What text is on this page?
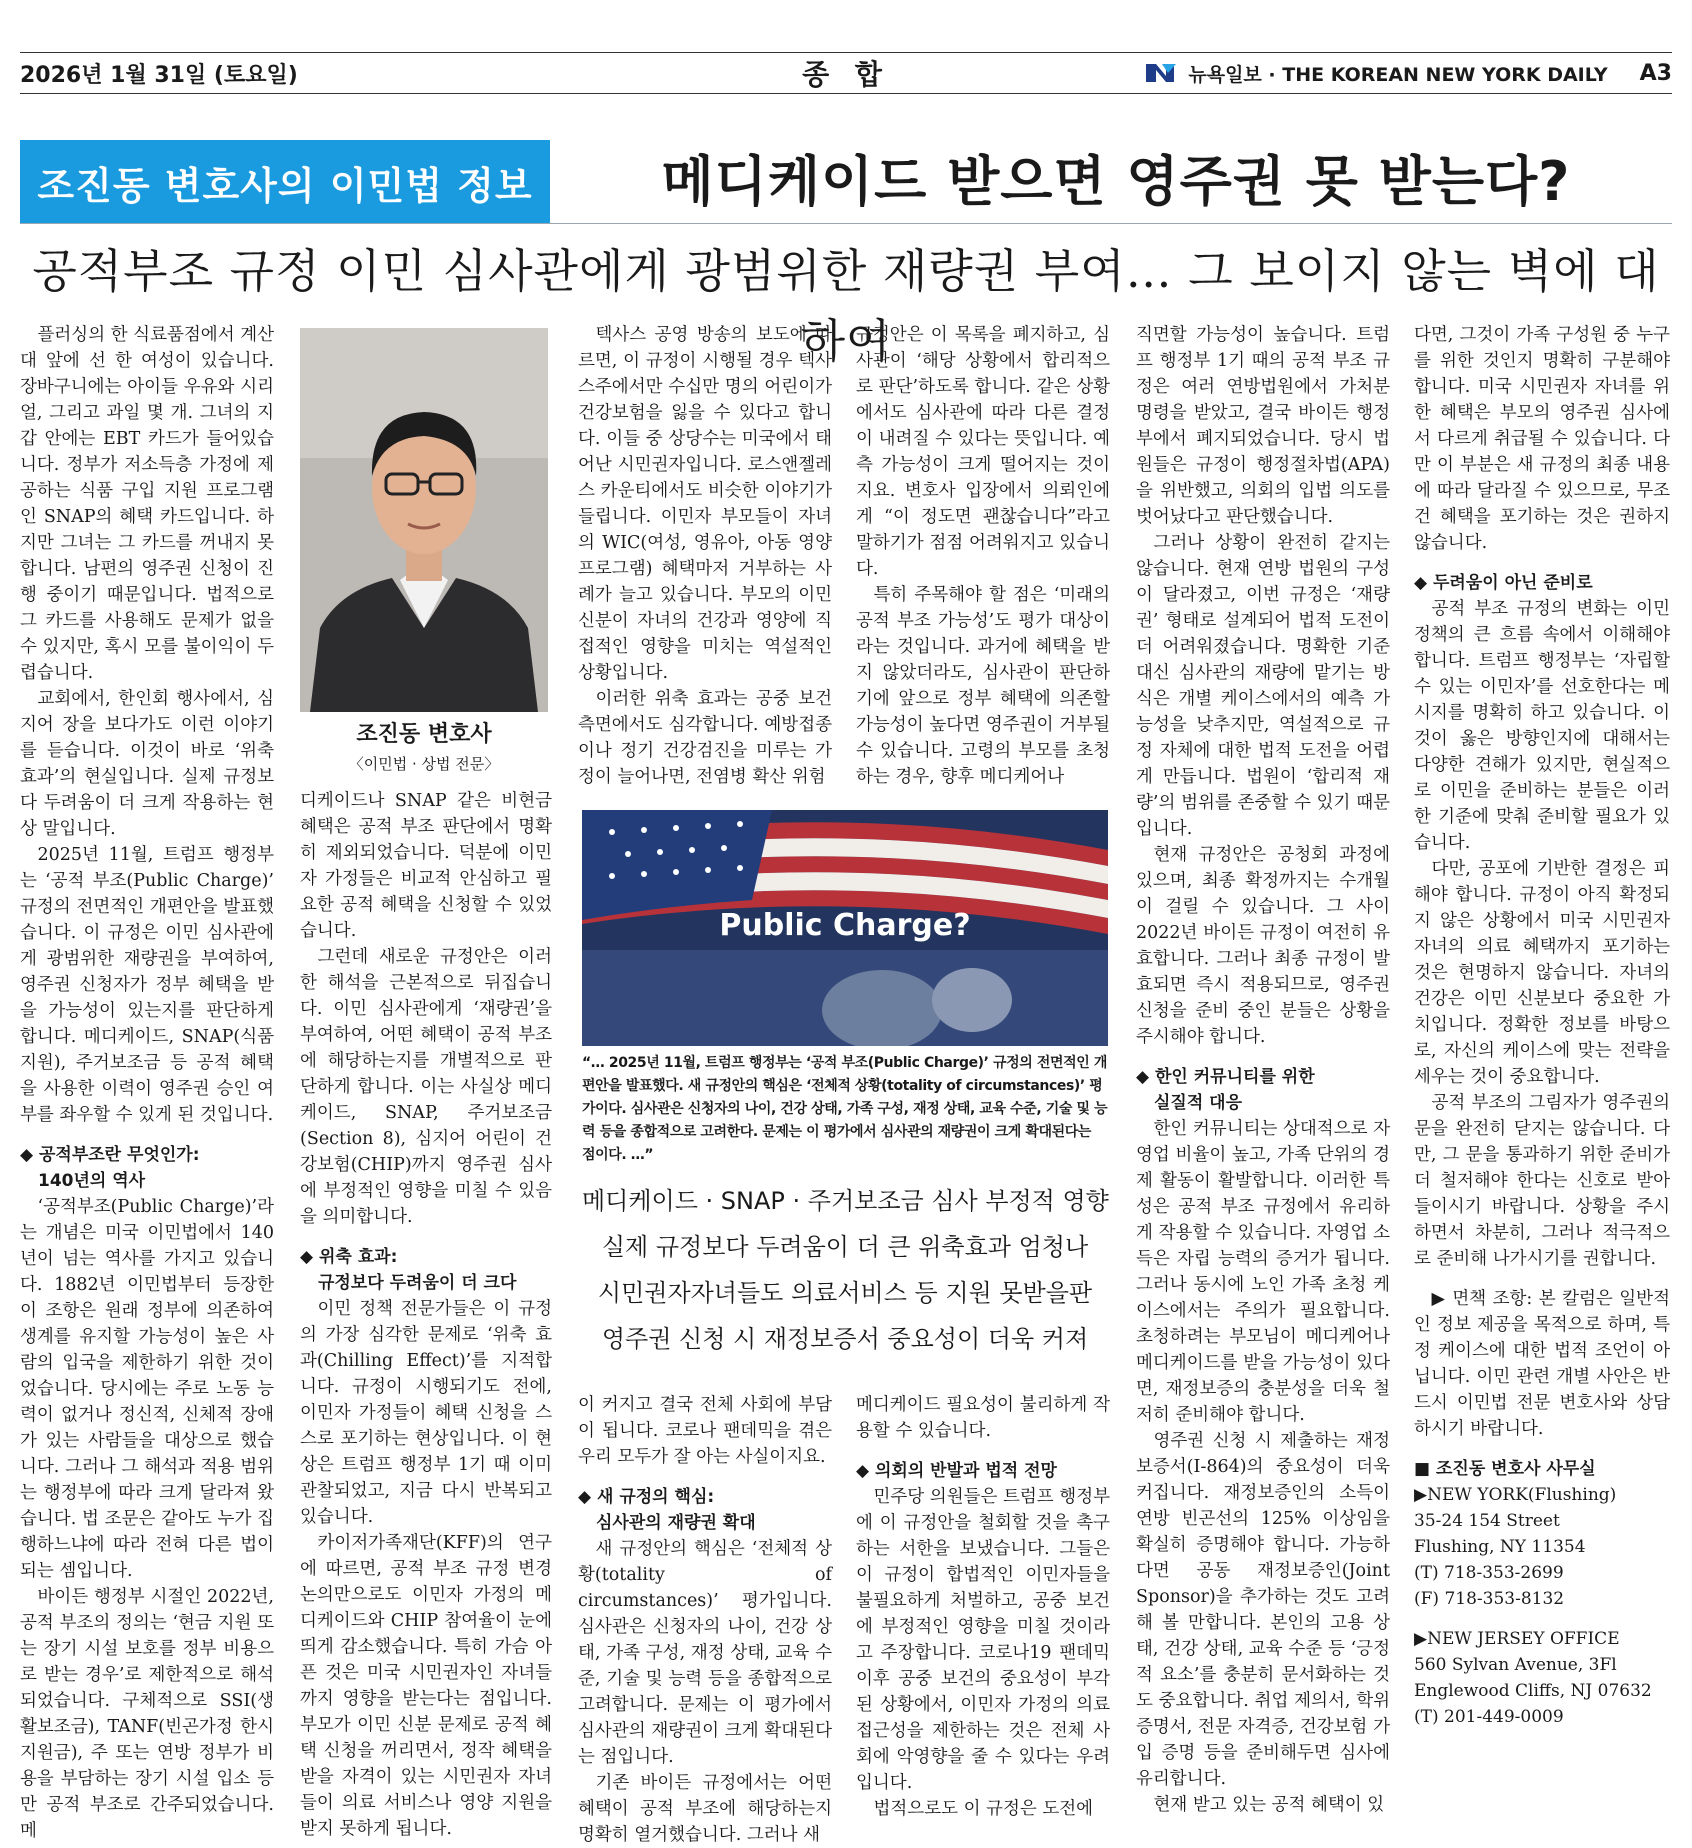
2026년 1월 31일 (토요일)	종 합	뉴욕일보 · THE KOREAN NEW YORK DAILY A3
조진동 변호사의 이민법 정보	메디케이드 받으면 영주권 못 받는다?
공적부조 규정 이민 심사관에게 광범위한 재량권 부여… 그 보이지 않는 벽에 대하여

플러싱의 한 식료품점에서 계산대 앞에 선 한 여성이 있습니다. 장바구니에는 아이들 우유와 시리얼, 그리고 과일 몇 개. 그녀의 지갑 안에는 EBT 카드가 들어있습니다. 정부가 저소득층 가정에 제공하는 식품 구입 지원 프로그램인 SNAP의 혜택 카드입니다. 하지만 그녀는 그 카드를 꺼내지 못합니다. 남편의 영주권 신청이 진행 중이기 때문입니다. 법적으로 그 카드를 사용해도 문제가 없을 수 있지만, 혹시 모를 불이익이 두렵습니다.

교회에서, 한인회 행사에서, 심지어 장을 보다가도 이런 이야기를 듣습니다. 이것이 바로 ‘위축 효과’의 현실입니다. 실제 규정보다 두려움이 더 크게 작용하는 현상 말입니다.

2025년 11월, 트럼프 행정부는 ‘공적 부조(Public Charge)’ 규정의 전면적인 개편안을 발표했습니다. 이 규정은 이민 심사관에게 광범위한 재량권을 부여하여, 영주권 신청자가 정부 혜택을 받을 가능성이 있는지를 판단하게 합니다. 메디케이드, SNAP(식품지원), 주거보조금 등 공적 혜택을 사용한 이력이 영주권 승인 여부를 좌우할 수 있게 된 것입니다.

◆ 공적부조란 무엇인가:
140년의 역사

‘공적부조(Public Charge)’라는 개념은 미국 이민법에서 140년이 넘는 역사를 가지고 있습니다. 1882년 이민법부터 등장한 이 조항은 원래 정부에 의존하여 생계를 유지할 가능성이 높은 사람의 입국을 제한하기 위한 것이었습니다. 당시에는 주로 노동 능력이 없거나 정신적, 신체적 장애가 있는 사람들을 대상으로 했습니다. 그러나 그 해석과 적용 범위는 행정부에 따라 크게 달라져 왔습니다. 법 조문은 같아도 누가 집행하느냐에 따라 전혀 다른 법이 되는 셈입니다.

바이든 행정부 시절인 2022년, 공적 부조의 정의는 ‘현금 지원 또는 장기 시설 보호를 정부 비용으로 받는 경우’로 제한적으로 해석되었습니다. 구체적으로 SSI(생활보조금), TANF(빈곤가정 한시지원금), 주 또는 연방 정부가 비용을 부담하는 장기 시설 입소 등만 공적 부조로 간주되었습니다. 메

조진동 변호사
〈이민법 · 상법 전문〉

디케이드나 SNAP 같은 비현금 혜택은 공적 부조 판단에서 명확히 제외되었습니다. 덕분에 이민자 가정들은 비교적 안심하고 필요한 공적 혜택을 신청할 수 있었습니다.

그런데 새로운 규정안은 이러한 해석을 근본적으로 뒤집습니다. 이민 심사관에게 ‘재량권’을 부여하여, 어떤 혜택이 공적 부조에 해당하는지를 개별적으로 판단하게 합니다. 이는 사실상 메디케이드, SNAP, 주거보조금(Section 8), 심지어 어린이 건강보험(CHIP)까지 영주권 심사에 부정적인 영향을 미칠 수 있음을 의미합니다.

◆ 위축 효과:
규정보다 두려움이 더 크다

이민 정책 전문가들은 이 규정의 가장 심각한 문제로 ‘위축 효과(Chilling Effect)’를 지적합니다. 규정이 시행되기도 전에, 이민자 가정들이 혜택 신청을 스스로 포기하는 현상입니다. 이 현상은 트럼프 행정부 1기 때 이미 관찰되었고, 지금 다시 반복되고 있습니다.

카이저가족재단(KFF)의 연구에 따르면, 공적 부조 규정 변경 논의만으로도 이민자 가정의 메디케이드와 CHIP 참여율이 눈에 띄게 감소했습니다. 특히 가슴 아픈 것은 미국 시민권자인 자녀들까지 영향을 받는다는 점입니다. 부모가 이민 신분 문제로 공적 혜택 신청을 꺼리면서, 정작 혜택을 받을 자격이 있는 시민권자 자녀들이 의료 서비스나 영양 지원을 받지 못하게 됩니다.

텍사스 공영 방송의 보도에 따르면, 이 규정이 시행될 경우 텍사스주에서만 수십만 명의 어린이가 건강보험을 잃을 수 있다고 합니다. 이들 중 상당수는 미국에서 태어난 시민권자입니다. 로스앤젤레스 카운티에서도 비슷한 이야기가 들립니다. 이민자 부모들이 자녀의 WIC(여성, 영유아, 아동 영양 프로그램) 혜택마저 거부하는 사례가 늘고 있습니다. 부모의 이민 신분이 자녀의 건강과 영양에 직접적인 영향을 미치는 역설적인 상황입니다.

이러한 위축 효과는 공중 보건 측면에서도 심각합니다. 예방접종이나 정기 건강검진을 미루는 가정이 늘어나면, 전염병 확산 위험

규정안은 이 목록을 폐지하고, 심사관이 ‘해당 상황에서 합리적으로 판단’하도록 합니다. 같은 상황에서도 심사관에 따라 다른 결정이 내려질 수 있다는 뜻입니다. 예측 가능성이 크게 떨어지는 것이지요. 변호사 입장에서 의뢰인에게 “이 정도면 괜찮습니다”라고 말하기가 점점 어려워지고 있습니다.

특히 주목해야 할 점은 ‘미래의 공적 부조 가능성’도 평가 대상이라는 것입니다. 과거에 혜택을 받지 않았더라도, 심사관이 판단하기에 앞으로 정부 혜택에 의존할 가능성이 높다면 영주권이 거부될 수 있습니다. 고령의 부모를 초청하는 경우, 향후 메디케어나

Public Charge?
“… 2025년 11월, 트럼프 행정부는 ‘공적 부조(Public Charge)’ 규정의 전면적인 개편안을 발표했다. 새 규정안의 핵심은 ‘전체적 상황(totality of circumstances)’ 평가이다. 심사관은 신청자의 나이, 건강 상태, 가족 구성, 재정 상태, 교육 수준, 기술 및 능력 등을 종합적으로 고려한다. 문제는 이 평가에서 심사관의 재량권이 크게 확대된다는 점이다. …”
메디케이드 · SNAP · 주거보조금 심사 부정적 영향
실제 규정보다 두려움이 더 큰 위축효과 엄청나
시민권자자녀들도 의료서비스 등 지원 못받을판
영주권 신청 시 재정보증서 중요성이 더욱 커져

이 커지고 결국 전체 사회에 부담이 됩니다. 코로나 팬데믹을 겪은 우리 모두가 잘 아는 사실이지요.

◆ 새 규정의 핵심:
심사관의 재량권 확대

새 규정안의 핵심은 ‘전체적 상황(totality of circumstances)’ 평가입니다. 심사관은 신청자의 나이, 건강 상태, 가족 구성, 재정 상태, 교육 수준, 기술 및 능력 등을 종합적으로 고려합니다. 문제는 이 평가에서 심사관의 재량권이 크게 확대된다는 점입니다.

기존 바이든 규정에서는 어떤 혜택이 공적 부조에 해당하는지 명확히 열거했습니다. 그러나 새

메디케이드 필요성이 불리하게 작용할 수 있습니다.

◆ 의회의 반발과 법적 전망

민주당 의원들은 트럼프 행정부에 이 규정안을 철회할 것을 촉구하는 서한을 보냈습니다. 그들은 이 규정이 합법적인 이민자들을 불필요하게 처벌하고, 공중 보건에 부정적인 영향을 미칠 것이라고 주장합니다. 코로나19 팬데믹 이후 공중 보건의 중요성이 부각된 상황에서, 이민자 가정의 의료 접근성을 제한하는 것은 전체 사회에 악영향을 줄 수 있다는 우려입니다.

법적으로도 이 규정은 도전에

직면할 가능성이 높습니다. 트럼프 행정부 1기 때의 공적 부조 규정은 여러 연방법원에서 가처분 명령을 받았고, 결국 바이든 행정부에서 폐지되었습니다. 당시 법원들은 규정이 행정절차법(APA)을 위반했고, 의회의 입법 의도를 벗어났다고 판단했습니다.

그러나 상황이 완전히 같지는 않습니다. 현재 연방 법원의 구성이 달라졌고, 이번 규정은 ‘재량권’ 형태로 설계되어 법적 도전이 더 어려워졌습니다. 명확한 기준 대신 심사관의 재량에 맡기는 방식은 개별 케이스에서의 예측 가능성을 낮추지만, 역설적으로 규정 자체에 대한 법적 도전을 어렵게 만듭니다. 법원이 ‘합리적 재량’의 범위를 존중할 수 있기 때문입니다.

현재 규정안은 공청회 과정에 있으며, 최종 확정까지는 수개월이 걸릴 수 있습니다. 그 사이 2022년 바이든 규정이 여전히 유효합니다. 그러나 최종 규정이 발효되면 즉시 적용되므로, 영주권 신청을 준비 중인 분들은 상황을 주시해야 합니다.

◆ 한인 커뮤니티를 위한
실질적 대응

한인 커뮤니티는 상대적으로 자영업 비율이 높고, 가족 단위의 경제 활동이 활발합니다. 이러한 특성은 공적 부조 규정에서 유리하게 작용할 수 있습니다. 자영업 소득은 자립 능력의 증거가 됩니다. 그러나 동시에 노인 가족 초청 케이스에서는 주의가 필요합니다. 초청하려는 부모님이 메디케어나 메디케이드를 받을 가능성이 있다면, 재정보증의 충분성을 더욱 철저히 준비해야 합니다.

영주권 신청 시 제출하는 재정보증서(I-864)의 중요성이 더욱 커집니다. 재정보증인의 소득이 연방 빈곤선의 125% 이상임을 확실히 증명해야 합니다. 가능하다면 공동 재정보증인(Joint Sponsor)을 추가하는 것도 고려해 볼 만합니다. 본인의 고용 상태, 건강 상태, 교육 수준 등 ‘긍정적 요소’를 충분히 문서화하는 것도 중요합니다. 취업 제의서, 학위 증명서, 전문 자격증, 건강보험 가입 증명 등을 준비해두면 심사에 유리합니다.

현재 받고 있는 공적 혜택이 있

다면, 그것이 가족 구성원 중 누구를 위한 것인지 명확히 구분해야 합니다. 미국 시민권자 자녀를 위한 혜택은 부모의 영주권 심사에서 다르게 취급될 수 있습니다. 다만 이 부분은 새 규정의 최종 내용에 따라 달라질 수 있으므로, 무조건 혜택을 포기하는 것은 권하지 않습니다.

◆ 두려움이 아닌 준비로

공적 부조 규정의 변화는 이민 정책의 큰 흐름 속에서 이해해야 합니다. 트럼프 행정부는 ‘자립할 수 있는 이민자’를 선호한다는 메시지를 명확히 하고 있습니다. 이것이 옳은 방향인지에 대해서는 다양한 견해가 있지만, 현실적으로 이민을 준비하는 분들은 이러한 기준에 맞춰 준비할 필요가 있습니다.

다만, 공포에 기반한 결정은 피해야 합니다. 규정이 아직 확정되지 않은 상황에서 미국 시민권자 자녀의 의료 혜택까지 포기하는 것은 현명하지 않습니다. 자녀의 건강은 이민 신분보다 중요한 가치입니다. 정확한 정보를 바탕으로, 자신의 케이스에 맞는 전략을 세우는 것이 중요합니다.

공적 부조의 그림자가 영주권의 문을 완전히 닫지는 않습니다. 다만, 그 문을 통과하기 위한 준비가 더 철저해야 한다는 신호로 받아들이시기 바랍니다. 상황을 주시하면서 차분히, 그러나 적극적으로 준비해 나가시기를 권합니다.

▶ 면책 조항: 본 칼럼은 일반적인 정보 제공을 목적으로 하며, 특정 케이스에 대한 법적 조언이 아닙니다. 이민 관련 개별 사안은 반드시 이민법 전문 변호사와 상담하시기 바랍니다.

■ 조진동 변호사 사무실
▶NEW YORK(Flushing)
35-24 154 Street
Flushing, NY 11354
(T) 718-353-2699
(F) 718-353-8132
▶NEW JERSEY OFFICE
560 Sylvan Avenue, 3Fl
Englewood Cliffs, NJ 07632
(T) 201-449-0009
